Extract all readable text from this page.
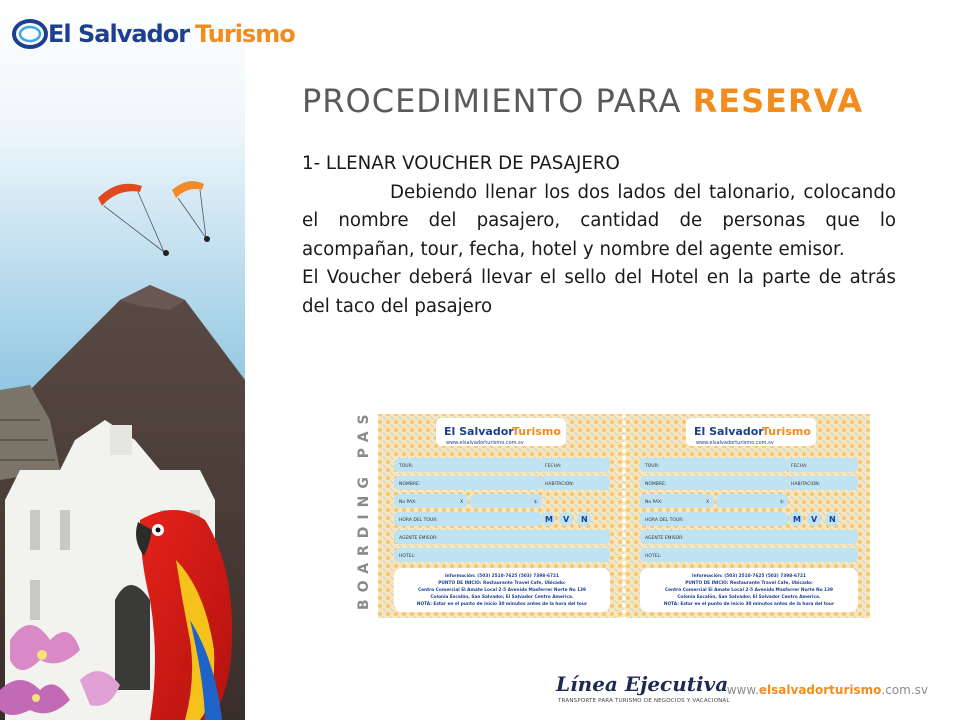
El Salvador Turismo
PROCEDIMIENTO PARA RESERVA

1- LLENAR VOUCHER DE PASAJERO

Debiendo llenar los dos lados del talonario, colocando el nombre del pasajero, cantidad de personas que lo acompañan, tour, fecha, hotel y nombre del agente emisor.

El Voucher deberá llevar el sello del Hotel en la parte de atrás del taco del pasajero

BOARDING PASS	El Salvador
Turismo
www.elsalvadorturismo.com.sv
TOUR:	FECHA:
NOMBRE:	HABITACION:
No PAX:	X	$:
HORA DEL TOUR:	M V N
AGENTE EMISOR:
HOTEL:
Información: (503) 2510-7625 (503) 7398-6721
PUNTO DE INICIO: Restaurante Travel Cafe, Ubicado:
Centro Comercial El Amate Local 2-5 Avenida Masferrer Norte No 139
Colonia Escalón, San Salvador, El Salvador Centro America.
NOTA: Estar en el punto de inicio 30 minutos antes de la hora del tour
El Salvador
Turismo
www.elsalvadorturismo.com.sv
TOUR:	FECHA:
NOMBRE:	HABITACION:
No PAX:	X	$:
HORA DEL TOUR:	M V N
AGENTE EMISOR:
HOTEL:
Información: (503) 2510-7625 (503) 7398-6721
PUNTO DE INICIO: Restaurante Travel Cafe, Ubicado:
Centro Comercial El Amate Local 2-5 Avenida Masferrer Norte No 139
Colonia Escalón, San Salvador, El Salvador Centro America.
NOTA: Estar en el punto de inicio 30 minutos antes de la hora del tour
Línea Ejecutiva
TRANSPORTE PARA TURISMO DE NEGOCIOS Y VACACIONAL
www.elsalvadorturismo.com.sv
